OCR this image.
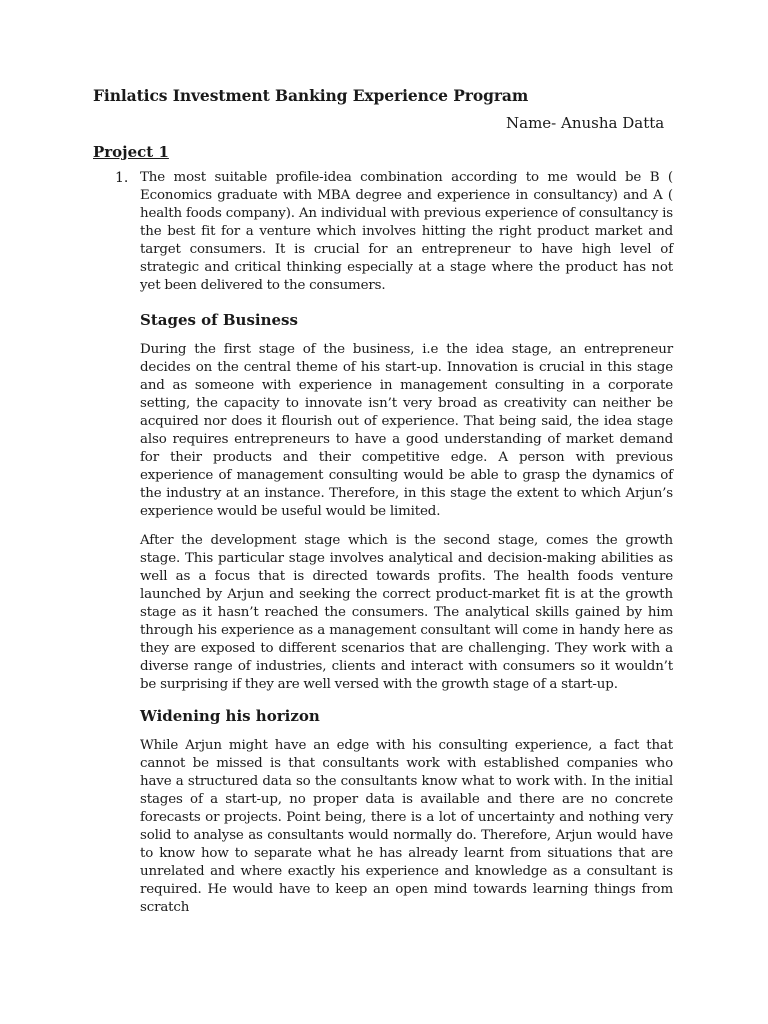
Finlatics Investment Banking Experience Program
Name- Anusha Datta
Project 1
1. The most suitable profile-idea combination according to me would be B ( Economics graduate with MBA degree and experience in consultancy) and A ( health foods company). An individual with previous experience of consultancy is the best fit for a venture which involves hitting the right product market and target consumers. It is crucial for an entrepreneur to have high level of strategic and critical thinking especially at a stage where the product has not yet been delivered to the consumers.

Stages of Business

During the first stage of the business, i.e the idea stage, an entrepreneur decides on the central theme of his start-up. Innovation is crucial in this stage and as someone with experience in management consulting in a corporate setting, the capacity to innovate isn’t very broad as creativity can neither be acquired nor does it flourish out of experience. That being said, the idea stage also requires entrepreneurs to have a good understanding of market demand for their products and their competitive edge. A person with previous experience of management consulting would be able to grasp the dynamics of the industry at an instance. Therefore, in this stage the extent to which Arjun’s experience would be useful would be limited.

After the development stage which is the second stage, comes the growth stage. This particular stage involves analytical and decision-making abilities as well as a focus that is directed towards profits. The health foods venture launched by Arjun and seeking the correct product-market fit is at the growth stage as it hasn’t reached the consumers. The analytical skills gained by him through his experience as a management consultant will come in handy here as they are exposed to different scenarios that are challenging. They work with a diverse range of industries, clients and interact with consumers so it wouldn’t be surprising if they are well versed with the growth stage of a start-up.

Widening his horizon

While Arjun might have an edge with his consulting experience, a fact that cannot be missed is that consultants work with established companies who have a structured data so the consultants know what to work with. In the initial stages of a start-up, no proper data is available and there are no concrete forecasts or projects. Point being, there is a lot of uncertainty and nothing very solid to analyse as consultants would normally do. Therefore, Arjun would have to know how to separate what he has already learnt from situations that are unrelated and where exactly his experience and knowledge as a consultant is required. He would have to keep an open mind towards learning things from scratch
